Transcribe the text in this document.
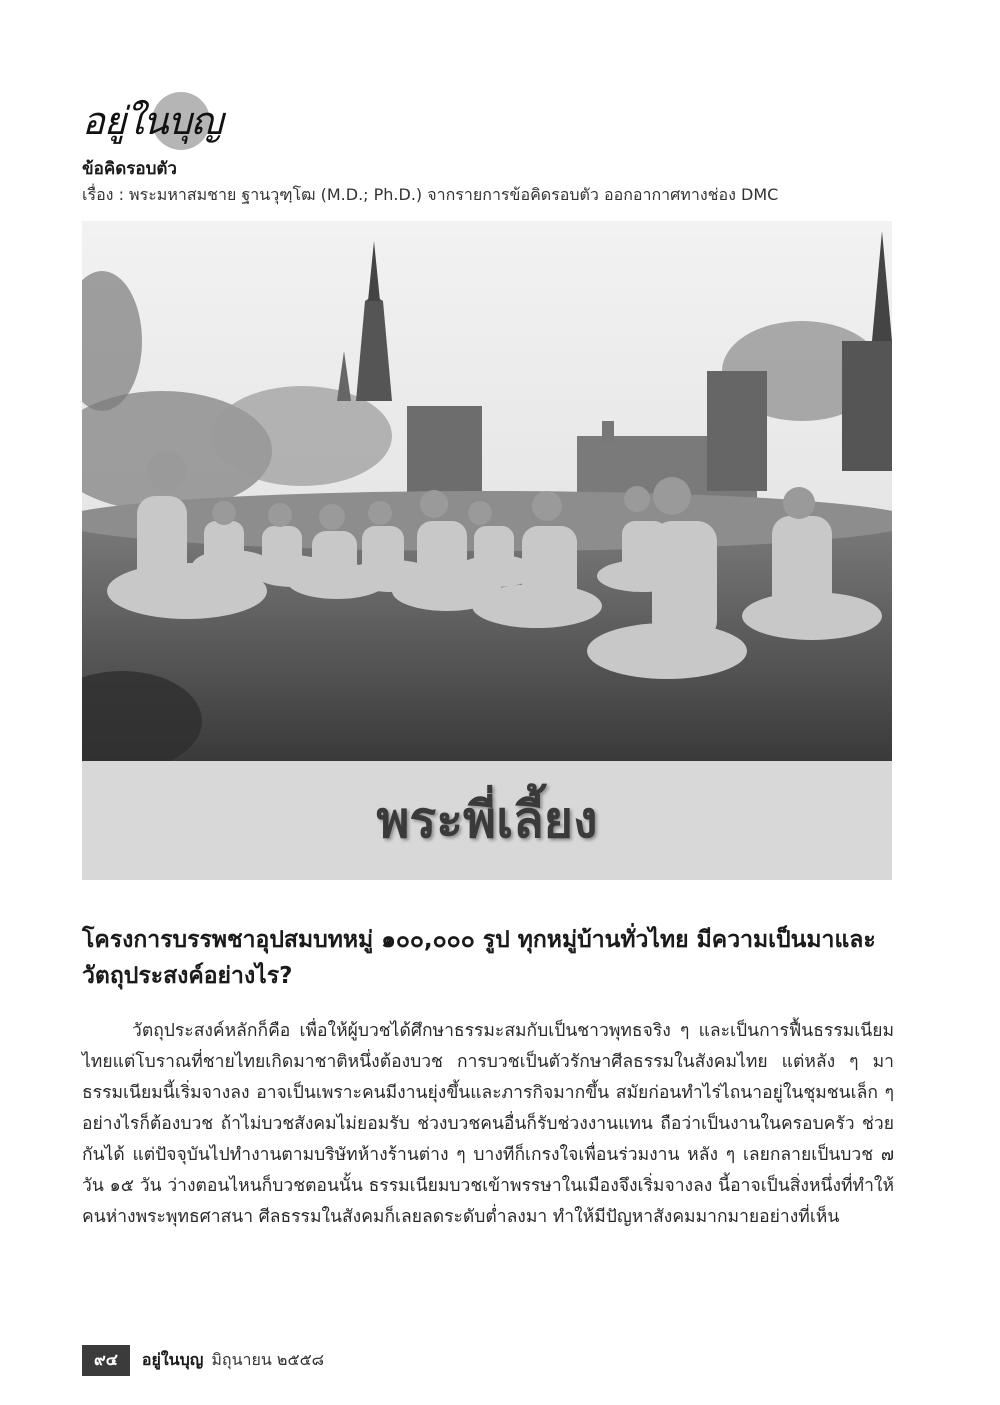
อยู่ในบุญ
ข้อคิดรอบตัว

เรื่อง : พระมหาสมชาย ฐานวุฑฺโฒ (M.D.; Ph.D.) จากรายการข้อคิดรอบตัว ออกอากาศทางช่อง DMC

พระพี่เลี้ยง
โครงการบรรพชาอุปสมบทหมู่ ๑๐๐,๐๐๐ รูป ทุกหมู่บ้านทั่วไทย มีความเป็นมาและวัตถุประสงค์อย่างไร?

วัตถุประสงค์หลักก็คือ เพื่อให้ผู้บวชได้ศึกษาธรรมะสมกับเป็นชาวพุทธจริง ๆ และเป็นการฟื้นธรรมเนียมไทยแต่โบราณที่ชายไทยเกิดมาชาติหนึ่งต้องบวช การบวชเป็นตัวรักษาศีลธรรมในสังคมไทย แต่หลัง ๆ มาธรรมเนียมนี้เริ่มจางลง อาจเป็นเพราะคนมีงานยุ่งขึ้นและภารกิจมากขึ้น สมัยก่อนทำไร่ไถนาอยู่ในชุมชนเล็ก ๆ อย่างไรก็ต้องบวช ถ้าไม่บวชสังคมไม่ยอมรับ ช่วงบวชคนอื่นก็รับช่วงงานแทน ถือว่าเป็นงานในครอบครัว ช่วยกันได้ แต่ปัจจุบันไปทำงานตามบริษัทห้างร้านต่าง ๆ บางทีก็เกรงใจเพื่อนร่วมงาน หลัง ๆ เลยกลายเป็นบวช ๗ วัน ๑๕ วัน ว่างตอนไหนก็บวชตอนนั้น ธรรมเนียมบวชเข้าพรรษาในเมืองจึงเริ่มจางลง นี้อาจเป็นสิ่งหนึ่งที่ทำให้คนห่างพระพุทธศาสนา ศีลธรรมในสังคมก็เลยลดระดับต่ำลงมา ทำให้มีปัญหาสังคมมากมายอย่างที่เห็น

๙๔	อยู่ในบุญ มิถุนายน ๒๕๕๘
